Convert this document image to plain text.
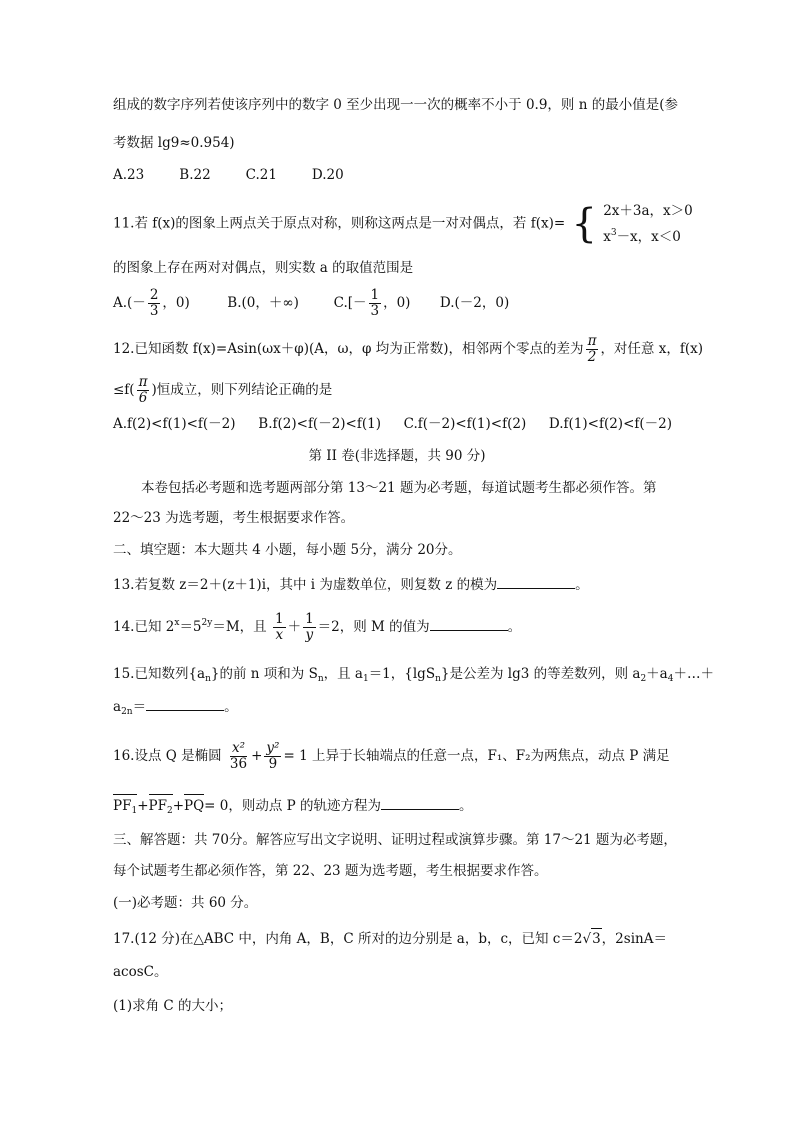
组成的数字序列若使该序列中的数字 0 至少出现一一次的概率不小于 0.9，则 n 的最小值是(参
考数据 lg9≈0.954)
A.23	B.22	C.21	D.20
11.若 f(x)的图象上两点关于原点对称，则称这两点是一对对偶点，若 f(x)= { 2x＋3a，x＞0
$x^3-x$，x＜0
的图象上存在两对对偶点，则实数 a 的取值范围是
$A.(- \frac{2}{3}$ ，0)	B.(0，＋∞)	$C.[- \frac{1}{3}$ ，0) D.(－2，0)
12.已知函数 f(x)=Asin(ωx＋φ)(A，ω，φ 均为正常数)，相邻两个零点的差为 $\frac{\pi}{2}$ ，对任意 x，f(x)
$\le f( \frac{\pi}{6}$ )恒成立，则下列结论正确的是
A.f(2)<f(1)<f(－2) B.f(2)<f(－2)<f(1) C.f(－2)<f(1)<f(2) D.f(1)<f(2)<f(－2)
第 II 卷(非选择题，共 90 分)
本卷包括必考题和选考题两部分第 13～21 题为必考题，每道试题考生都必须作答。第
22～23 为选考题，考生根据要求作答。
二、填空题：本大题共 4 小题，每小题 5分，满分 20分。
13.若复数 z＝2＋(z＋1)i，其中 i 为虚数单位，则复数 z 的模为	。
14.已知 $2^x=5^{2y}=M$，且 $\frac{1}{x} + \frac{1}{y} =2$，则 M 的值为	。
15.已知数列$\{a_n\}$的前 n 项和为 $S_n$，且 $a_1=1$，{lgS$_n$}是公差为 lg3 的等差数列，则 $a_2+a_4+\dots+$
$a_{2n}=$	。
16.设点 Q 是椭圆 $\frac{\text{x²}}{36} + \frac{\text{y²}}{9} = 1$ 上异于长轴端点的任意一点，F₁、F₂为两焦点，动点 P 满足
$PF_1+PF_2+PQ= 0$，则动点 P 的轨迹方程为	。
三、解答题：共 70分。解答应写出文字说明、证明过程或演算步骤。第 17～21 题为必考题，
每个试题考生都必须作答，第 22、23 题为选考题，考生根据要求作答。
(一)必考题：共 60 分。
17.(12 分)在△ABC 中，内角 A，B，C 所对的边分别是 a，b，c，已知 c＝2√3，2sinA＝
acosC。
(1)求角 C 的大小；
